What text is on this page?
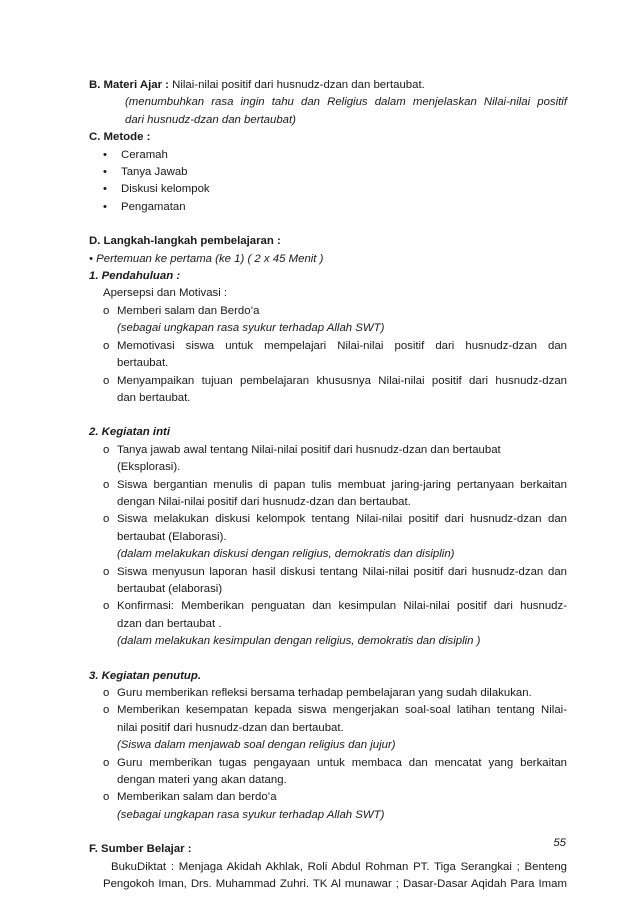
B. Materi Ajar : Nilai-nilai positif dari husnudz-dzan dan bertaubat.
(menumbuhkan rasa ingin tahu dan Religius dalam menjelaskan Nilai-nilai positif
dari husnudz-dzan dan bertaubat)
C. Metode :
•	Ceramah
•	Tanya Jawab
•	Diskusi kelompok
•	Pengamatan
D. Langkah-langkah pembelajaran :
• Pertemuan ke pertama (ke 1) ( 2 x 45 Menit )
1. Pendahuluan :
Apersepsi dan Motivasi :
o Memberi salam dan Berdo’a
(sebagai ungkapan rasa syukur terhadap Allah SWT)
o Memotivasi siswa untuk mempelajari Nilai-nilai positif dari husnudz-dzan dan
bertaubat.
o Menyampaikan tujuan pembelajaran khususnya Nilai-nilai positif dari husnudz-dzan
dan bertaubat.
2. Kegiatan inti
o Tanya jawab awal tentang Nilai-nilai positif dari husnudz-dzan dan bertaubat
(Eksplorasi).
o Siswa bergantian menulis di papan tulis membuat jaring-jaring pertanyaan berkaitan
dengan Nilai-nilai positif dari husnudz-dzan dan bertaubat.
o Siswa melakukan diskusi kelompok tentang Nilai-nilai positif dari husnudz-dzan dan
bertaubat (Elaborasi).
(dalam melakukan diskusi dengan religius, demokratis dan disiplin)
o Siswa menyusun laporan hasil diskusi tentang Nilai-nilai positif dari husnudz-dzan dan
bertaubat (elaborasi)
o Konfirmasi: Memberikan penguatan dan kesimpulan Nilai-nilai positif dari husnudz-
dzan dan bertaubat .
(dalam melakukan kesimpulan dengan religius, demokratis dan disiplin )
3. Kegiatan penutup.
o Guru memberikan refleksi bersama terhadap pembelajaran yang sudah dilakukan.
o Memberikan kesempatan kepada siswa mengerjakan soal-soal latihan tentang Nilai-
nilai positif dari husnudz-dzan dan bertaubat.
(Siswa dalam menjawab soal dengan religius dan jujur)
o Guru memberikan tugas pengayaan untuk membaca dan mencatat yang berkaitan
dengan materi yang akan datang.
o Memberikan salam dan berdo’a
(sebagai ungkapan rasa syukur terhadap Allah SWT)
F. Sumber Belajar :
BukuDiktat : Menjaga Akidah Akhlak, Roli Abdul Rohman PT. Tiga Serangkai ; Benteng
Pengokoh Iman, Drs. Muhammad Zuhri. TK Al munawar ; Dasar-Dasar Aqidah Para Imam
55
